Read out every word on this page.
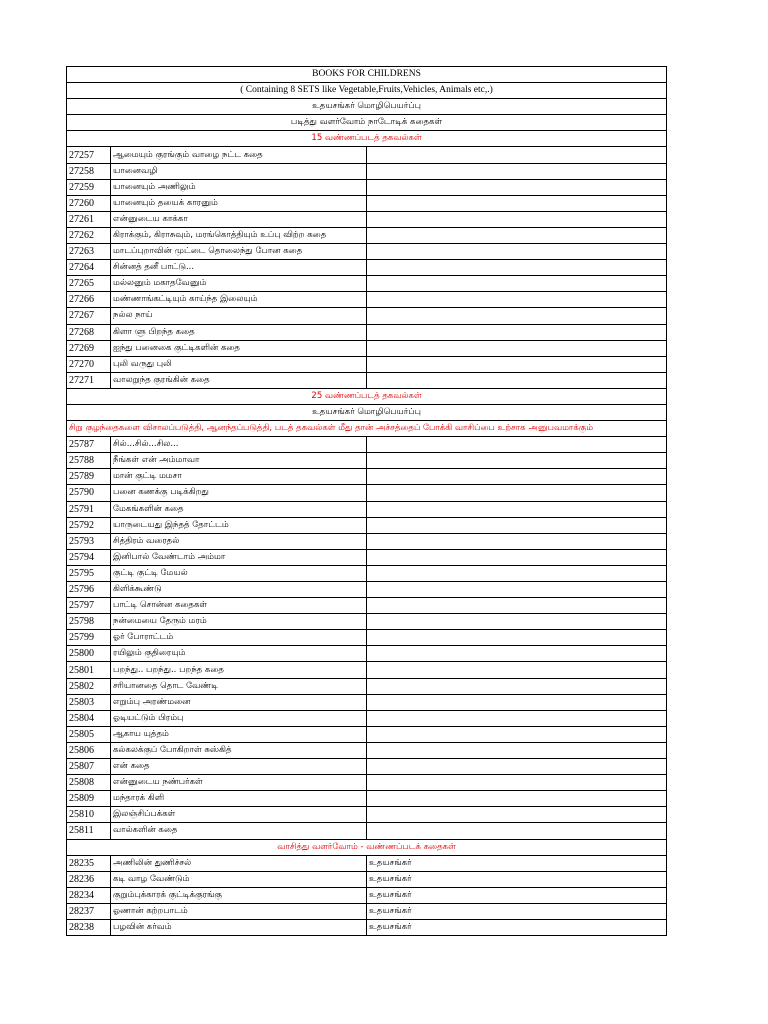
BOOKS FOR CHILDRENS		
( Containing 8 SETS like Vegetable,Fruits,Vehicles, Animals etc,.)		
உதயசங்கர் மொழிபெயர்ப்பு		
படித்து வளர்வோம் நாடோடிக் கதைகள்		
15 வண்ணப்படத் தகவல்கள்		
27257	ஆமையும் குரங்கும் வாழை நட்ட கதை	
27258	யானைவழி	
27259	யானையும் அணிலும்	
27260	யானையும் தயைக் காரனும்	
27261	என்னுடைய காக்கா	
27262	கிராக்கும், கிராசுவும், மரங்கொத்தியும் உப்பு விற்ற கதை	
27263	மாடப்புறாவின் முட்டை தொலைந்து போன கதை	
27264	சின்னத் தனீ பாட்டு...	
27265	மல்லனும் மகாதவேனும்	
27266	மண்ணாங்கட்டியும் காய்ந்த இலையும்	
27267	நல்ல நாய்	
27268	கிளா ளு பிறந்த கதை	
27269	ஐந்து பனைகை குட்டிகளின் கதை	
27270	புலி வருது புலி	
27271	வாலறுந்த குரங்கின் கதை	
25 வண்ணப்படத் தகவல்கள்		
உதயசங்கர் மொழிபெயர்ப்பு		
சிறு குழந்தைகளை விசாலப்படுத்தி, ஆனந்தப்படுத்தி, படத் தகவல்கள் மீது தான் அச்சத்தைப் போக்கி வாசிப்பை உற்சாக அனுபவமாக்கும்		
25787	சில்...சில்...சில...	
25788	நீங்கள் என் அம்மாவா	
25789	மான் குட்டி மமசா	
25790	பனை கணக்கு படிக்கிறது	
25791	மேகங்களின் கதை	
25792	யாருடையது இந்தத் தோட்டம்	
25793	சித்திரம் வரைதல்	
25794	இனிபால் வேண்டாம் அம்மா	
25795	குட்டி குட்டி மேயல்	
25796	கிளிக்கூண்டு	
25797	பாட்டி சொன்ன கதைகள்	
25798	நன்மையை தேரும் மரம்	
25799	ஓர் போராட்டம்	
25800	ரயிலும் குதிரையும்	
25801	பறந்து.. பறந்து.. பறந்த கதை	
25802	சரியானதை தொட வேண்டி	
25803	எறும்பு அரண்மனை	
25804	ஓடியட்டும் பிரம்பு	
25805	ஆகாய யுத்தம்	
25806	கல்கலக்குப் போகிறாள் சுஸ்கித்	
25807	என் கதை	
25808	என்னுடைய நண்பர்கள்	
25809	மந்தாரக் கிளி	
25810	இலஞ்சிப்பக்கள்	
25811	வால்களின் கதை	
வாசித்து வளர்வோம் - வண்ணப்படக் கதைகள்		
28235	அணிலின் துணிச்சல்	உதயசங்கர்
28236	கடி வாழ வேண்டும்	உதயசங்கர்
28234	குறும்புக்காரக் குட்டிக்குரங்கு	உதயசங்கர்
28237	ஓணான் கற்றபாடம்	உதயசங்கர்
28238	பழவின் கர்வம்	உதயசங்கர்
